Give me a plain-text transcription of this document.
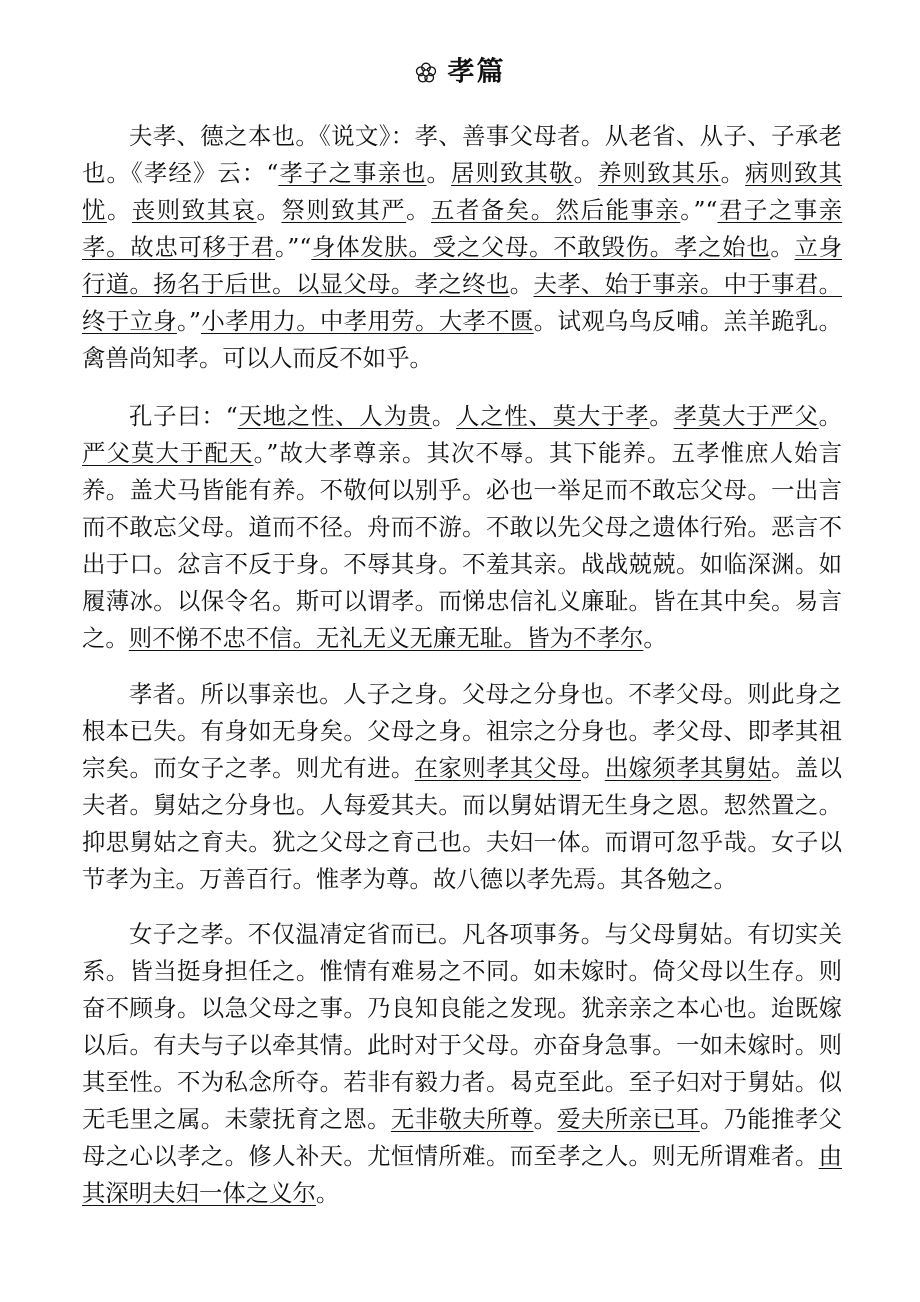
孝篇

夫孝、德之本也。《说文》：孝、善事父母者。从老省、从子、子承老也。《孝经》云：“孝子之事亲也。居则致其敬。养则致其乐。病则致其忧。丧则致其哀。祭则致其严。五者备矣。然后能事亲。”“君子之事亲孝。故忠可移于君。”“身体发肤。受之父母。不敢毁伤。孝之始也。立身行道。扬名于后世。以显父母。孝之终也。夫孝、始于事亲。中于事君。终于立身。”小孝用力。中孝用劳。大孝不匮。试观乌鸟反哺。羔羊跪乳。禽兽尚知孝。可以人而反不如乎。

孔子曰：“天地之性、人为贵。人之性、莫大于孝。孝莫大于严父。严父莫大于配天。”故大孝尊亲。其次不辱。其下能养。五孝惟庶人始言养。盖犬马皆能有养。不敬何以别乎。必也一举足而不敢忘父母。一出言而不敢忘父母。道而不径。舟而不游。不敢以先父母之遗体行殆。恶言不出于口。忿言不反于身。不辱其身。不羞其亲。战战兢兢。如临深渊。如履薄冰。以保令名。斯可以谓孝。而悌忠信礼义廉耻。皆在其中矣。易言之。则不悌不忠不信。无礼无义无廉无耻。皆为不孝尔。

孝者。所以事亲也。人子之身。父母之分身也。不孝父母。则此身之根本已失。有身如无身矣。父母之身。祖宗之分身也。孝父母、即孝其祖宗矣。而女子之孝。则尤有进。在家则孝其父母。出嫁须孝其舅姑。盖以夫者。舅姑之分身也。人每爱其夫。而以舅姑谓无生身之恩。恝然置之。抑思舅姑之育夫。犹之父母之育己也。夫妇一体。而谓可忽乎哉。女子以节孝为主。万善百行。惟孝为尊。故八德以孝先焉。其各勉之。

女子之孝。不仅温凊定省而已。凡各项事务。与父母舅姑。有切实关系。皆当挺身担任之。惟情有难易之不同。如未嫁时。倚父母以生存。则奋不顾身。以急父母之事。乃良知良能之发现。犹亲亲之本心也。迨既嫁以后。有夫与子以牵其情。此时对于父母。亦奋身急事。一如未嫁时。则其至性。不为私念所夺。若非有毅力者。曷克至此。至子妇对于舅姑。似无毛里之属。未蒙抚育之恩。无非敬夫所尊。爱夫所亲已耳。乃能推孝父母之心以孝之。修人补天。尤恒情所难。而至孝之人。则无所谓难者。由其深明夫妇一体之义尔。
